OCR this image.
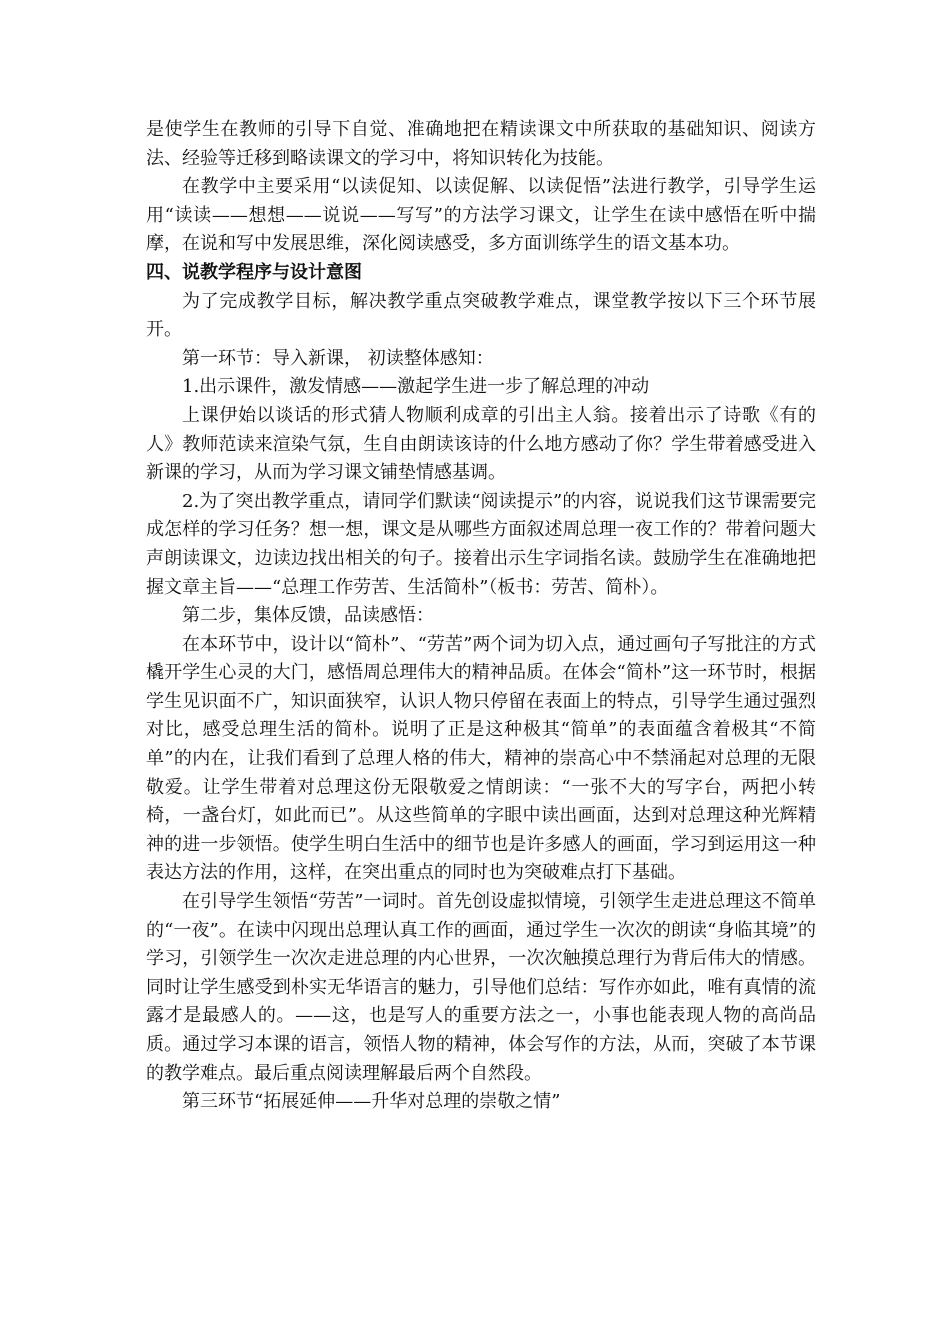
是使学生在教师的引导下自觉、准确地把在精读课文中所获取的基础知识、阅读方法、经验等迁移到略读课文的学习中，将知识转化为技能。

在教学中主要采用“以读促知、以读促解、以读促悟”法进行教学，引导学生运用“读读——想想——说说——写写”的方法学习课文，让学生在读中感悟在听中揣摩，在说和写中发展思维，深化阅读感受，多方面训练学生的语文基本功。

四、说教学程序与设计意图

为了完成教学目标，解决教学重点突破教学难点，课堂教学按以下三个环节展开。

第一环节：导入新课， 初读整体感知：

1.出示课件，激发情感——激起学生进一步了解总理的冲动

上课伊始以谈话的形式猜人物顺利成章的引出主人翁。接着出示了诗歌《有的人》教师范读来渲染气氛，生自由朗读该诗的什么地方感动了你？学生带着感受进入新课的学习，从而为学习课文铺垫情感基调。

2.为了突出教学重点，请同学们默读“阅读提示”的内容，说说我们这节课需要完成怎样的学习任务？想一想，课文是从哪些方面叙述周总理一夜工作的？带着问题大声朗读课文，边读边找出相关的句子。接着出示生字词指名读。鼓励学生在准确地把握文章主旨——“总理工作劳苦、生活简朴”（板书：劳苦、简朴）。

第二步，集体反馈，品读感悟：

在本环节中，设计以“简朴”、“劳苦”两个词为切入点，通过画句子写批注的方式橇开学生心灵的大门，感悟周总理伟大的精神品质。在体会“简朴”这一环节时，根据学生见识面不广，知识面狭窄，认识人物只停留在表面上的特点，引导学生通过强烈对比，感受总理生活的简朴。说明了正是这种极其“简单”的表面蕴含着极其“不简单”的内在，让我们看到了总理人格的伟大，精神的崇高心中不禁涌起对总理的无限敬爱。让学生带着对总理这份无限敬爱之情朗读：“一张不大的写字台，两把小转椅，一盏台灯，如此而已”。从这些简单的字眼中读出画面，达到对总理这种光辉精神的进一步领悟。使学生明白生活中的细节也是许多感人的画面，学习到运用这一种表达方法的作用，这样，在突出重点的同时也为突破难点打下基础。

在引导学生领悟“劳苦”一词时。首先创设虚拟情境，引领学生走进总理这不简单的“一夜”。在读中闪现出总理认真工作的画面，通过学生一次次的朗读“身临其境”的学习，引领学生一次次走进总理的内心世界，一次次触摸总理行为背后伟大的情感。同时让学生感受到朴实无华语言的魅力，引导他们总结：写作亦如此，唯有真情的流露才是最感人的。——这，也是写人的重要方法之一，小事也能表现人物的高尚品质。通过学习本课的语言，领悟人物的精神，体会写作的方法，从而，突破了本节课的教学难点。最后重点阅读理解最后两个自然段。

第三环节“拓展延伸——升华对总理的崇敬之情”
